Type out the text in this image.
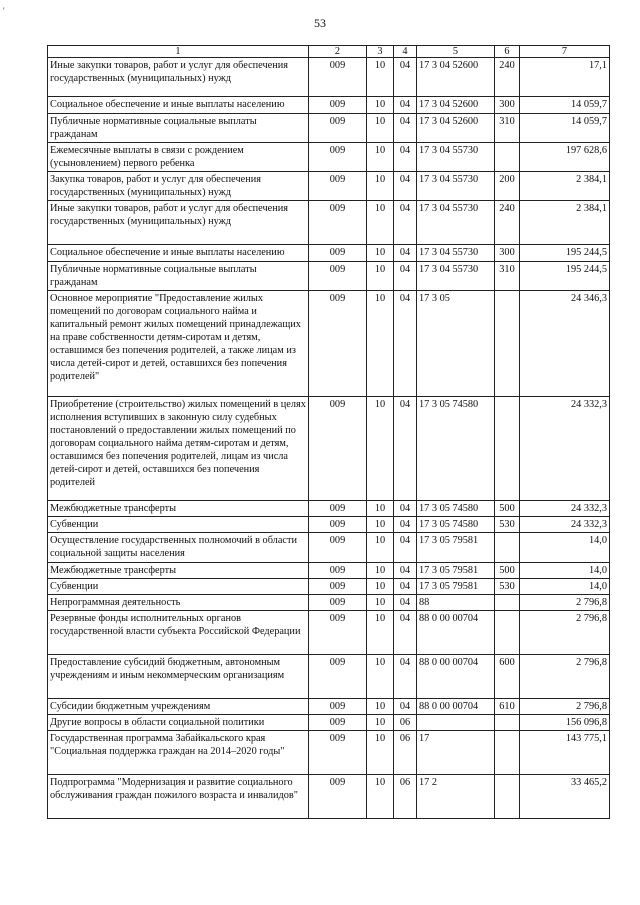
'
53
1	2	3	4	5	6	7
Иные закупки товаров, работ и услуг для обеспечения государственных (муниципальных) нужд	009	10	04	17 3 04 52600	240	17,1
Социальное обеспечение и иные выплаты населению	009	10	04	17 3 04 52600	300	14 059,7
Публичные нормативные социальные выплаты гражданам	009	10	04	17 3 04 52600	310	14 059,7
Ежемесячные выплаты в связи с рождением (усыновлением) первого ребенка	009	10	04	17 3 04 55730		197 628,6
Закупка товаров, работ и услуг для обеспечения государственных (муниципальных) нужд	009	10	04	17 3 04 55730	200	2 384,1
Иные закупки товаров, работ и услуг для обеспечения государственных (муниципальных) нужд	009	10	04	17 3 04 55730	240	2 384,1
Социальное обеспечение и иные выплаты населению	009	10	04	17 3 04 55730	300	195 244,5
Публичные нормативные социальные выплаты гражданам	009	10	04	17 3 04 55730	310	195 244,5
Основное мероприятие "Предоставление жилых помещений по договорам социального найма и капитальный ремонт жилых помещений принадлежащих на праве собственности детям-сиротам и детям, оставшимся без попечения родителей, а также лицам из числа детей-сирот и детей, оставшихся без попечения родителей"	009	10	04	17 3 05		24 346,3
Приобретение (строительство) жилых помещений в целях исполнения вступивших в законную силу судебных постановлений о предоставлении жилых помещений по договорам социального найма детям-сиротам и детям, оставшимся без попечения родителей, лицам из числа детей-сирот и детей, оставшихся без попечения родителей	009	10	04	17 3 05 74580		24 332,3
Межбюджетные трансферты	009	10	04	17 3 05 74580	500	24 332,3
Субвенции	009	10	04	17 3 05 74580	530	24 332,3
Осуществление государственных полномочий в области социальной защиты населения	009	10	04	17 3 05 79581		14,0
Межбюджетные трансферты	009	10	04	17 3 05 79581	500	14,0
Субвенции	009	10	04	17 3 05 79581	530	14,0
Непрограммная деятельность	009	10	04	88		2 796,8
Резервные фонды исполнительных органов государственной власти субъекта Российской Федерации	009	10	04	88 0 00 00704		2 796,8
Предоставление субсидий бюджетным, автономным учреждениям и иным некоммерческим организациям	009	10	04	88 0 00 00704	600	2 796,8
Субсидии бюджетным учреждениям	009	10	04	88 0 00 00704	610	2 796,8
Другие вопросы в области социальной политики	009	10	06			156 096,8
Государственная программа Забайкальского края "Социальная поддержка граждан на 2014–2020 годы"	009	10	06	17		143 775,1
Подпрограмма "Модернизация и развитие социального обслуживания граждан пожилого возраста и инвалидов"	009	10	06	17 2		33 465,2
